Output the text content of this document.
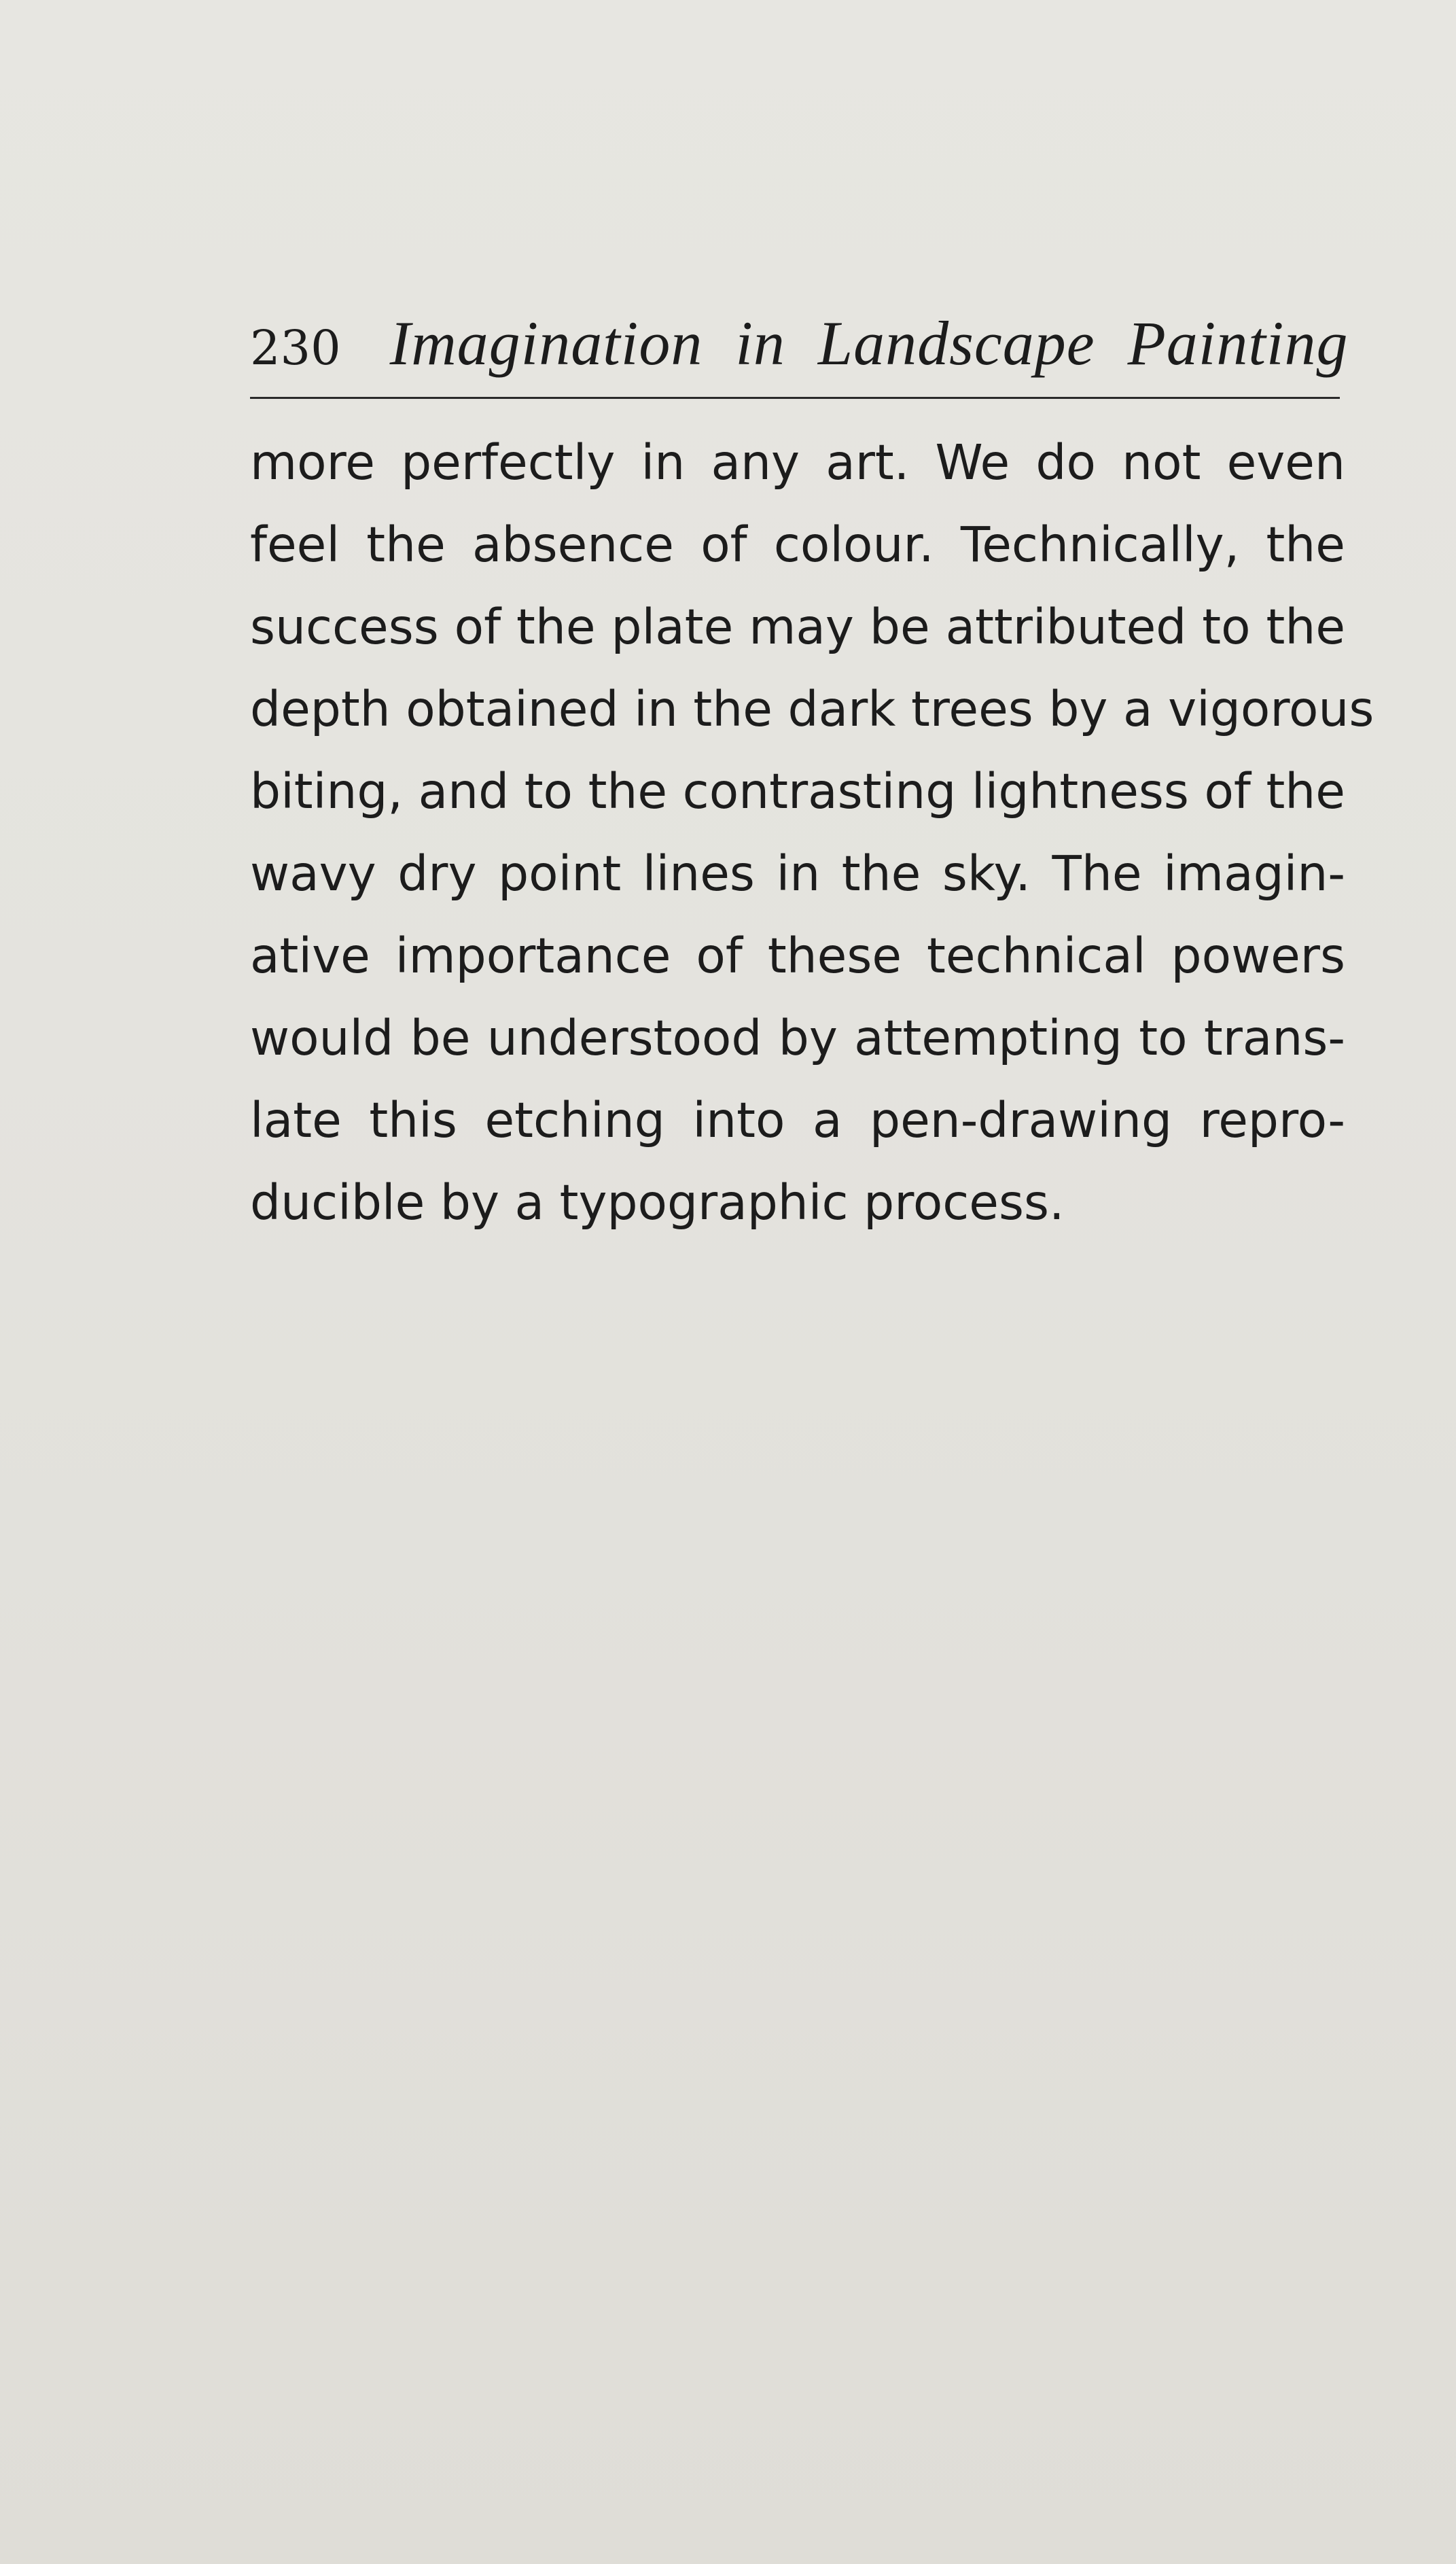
230 Imagination in Landscape Painting
more perfectly in any art. We do not even
feel the absence of colour. Technically, the
success of the plate may be attributed to the
depth obtained in the dark trees by a vigorous
biting, and to the contrasting lightness of the
wavy dry point lines in the sky. The imagin-
ative importance of these technical powers
would be understood by attempting to trans-
late this etching into a pen-drawing repro-
ducible by a typographic process.
